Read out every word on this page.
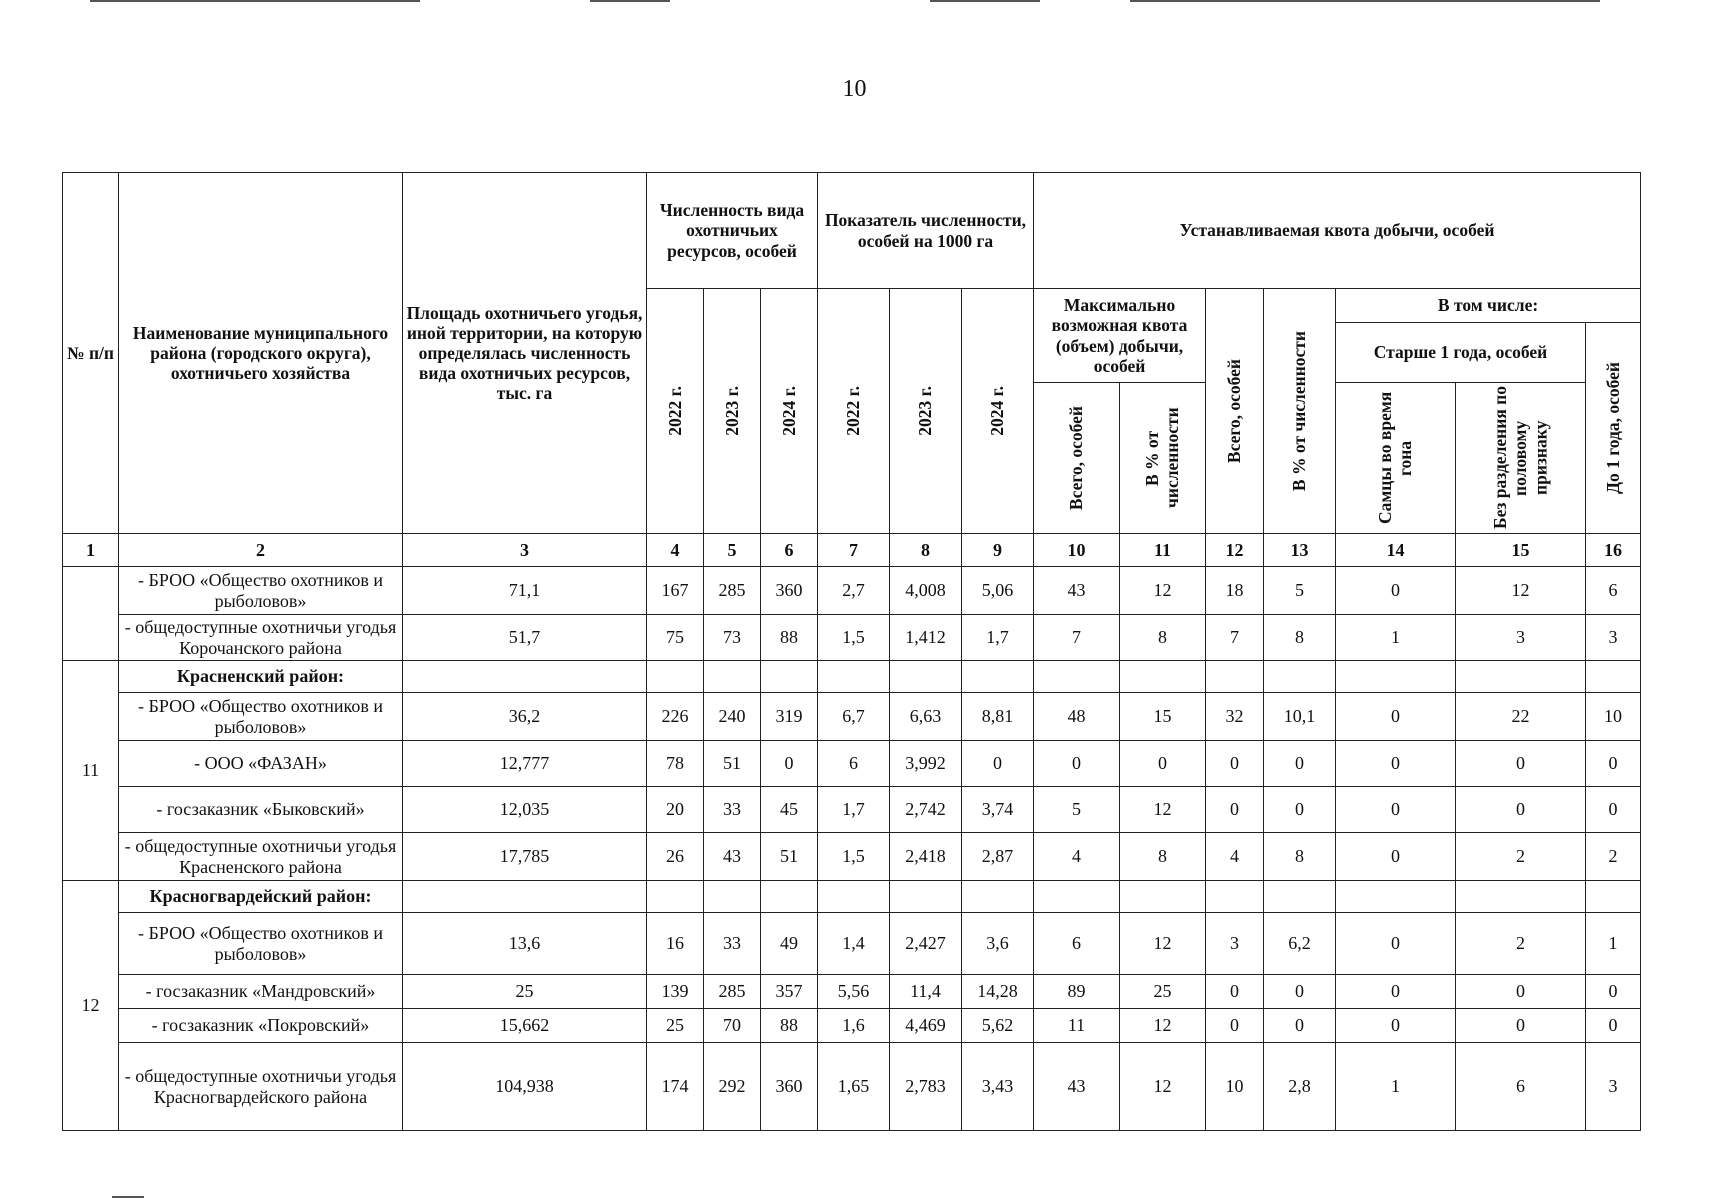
10
№ п/п	Наименование муниципального района (городского округа), охотничьего хозяйства	Площадь охотничьего угодья, иной территории, на которую определялась численность вида охотничьих ресурсов, тыс. га	Численность вида охотничьих ресурсов, особей			Показатель численности, особей на 1000 га			Устанавливаемая квота добычи, особей						

			2022 г.	2023 г.	2024 г.	2022 г.	2023 г.	2024 г.	Максимально возможная квота (объем) добычи, особей		Всего, особей	В % от численности	В том числе:		
													Старше 1 года, особей		До 1 года, особей

									Всего, особей	В % от численности			Самцы во время гона	Без разделения по половому признаку	

1	2	3	4	5	6	7	8	9	10	11	12	13	14	15	16
	- БРОО «Общество охотников и рыболовов»	71,1	167	285	360	2,7	4,008	5,06	43	12	18	5	0	12	6
	- общедоступные охотничьи угодья Корочанского района	51,7	75	73	88	1,5	1,412	1,7	7	8	7	8	1	3	3
11	Красненский район:														
	- БРОО «Общество охотников и рыболовов»	36,2	226	240	319	6,7	6,63	8,81	48	15	32	10,1	0	22	10
	- ООО «ФАЗАН»	12,777	78	51	0	6	3,992	0	0	0	0	0	0	0	0
	- госзаказник «Быковский»	12,035	20	33	45	1,7	2,742	3,74	5	12	0	0	0	0	0
	- общедоступные охотничьи угодья Красненского района	17,785	26	43	51	1,5	2,418	2,87	4	8	4	8	0	2	2
12	Красногвардейский район:														
	- БРОО «Общество охотников и рыболовов»	13,6	16	33	49	1,4	2,427	3,6	6	12	3	6,2	0	2	1
	- госзаказник «Мандровский»	25	139	285	357	5,56	11,4	14,28	89	25	0	0	0	0	0
	- госзаказник «Покровский»	15,662	25	70	88	1,6	4,469	5,62	11	12	0	0	0	0	0
	- общедоступные охотничьи угодья Красногвардейского района	104,938	174	292	360	1,65	2,783	3,43	43	12	10	2,8	1	6	3
